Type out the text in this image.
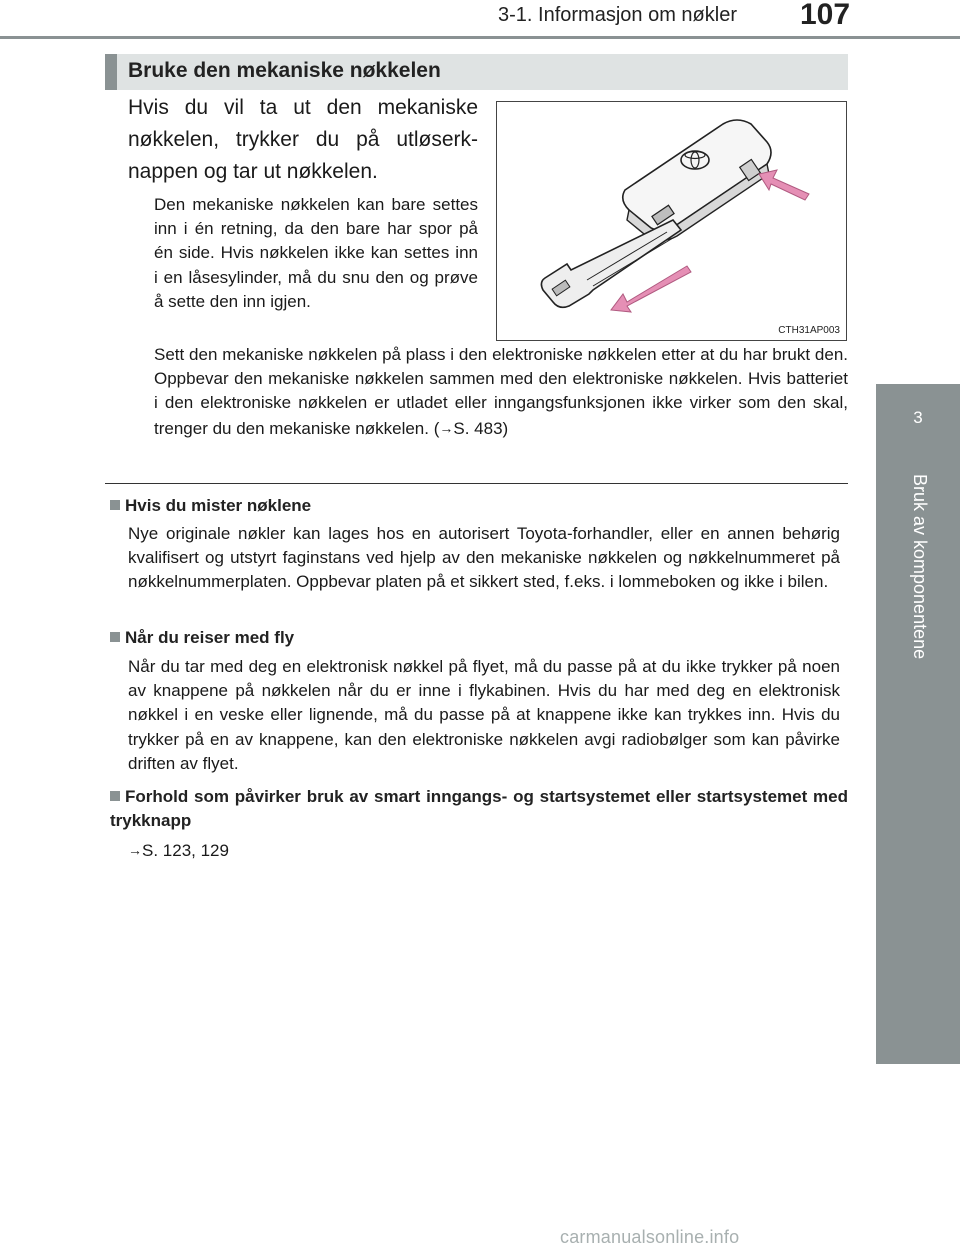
3-1. Informasjon om nøkler 107
3
Bruk av komponentene
Bruke den mekaniske nøkkelen
Hvis du vil ta ut den mekaniske nøkkelen, trykker du på utløserknappen og tar ut nøkkelen.
Den mekaniske nøkkelen kan bare settes inn i én retning, da den bare har spor på én side. Hvis nøkkelen ikke kan settes inn i en låsesylinder, må du snu den og prøve å sette den inn igjen.
CTH31AP003
Sett den mekaniske nøkkelen på plass i den elektroniske nøkkelen etter at du har brukt den. Oppbevar den mekaniske nøkkelen sammen med den elektroniske nøkkelen. Hvis batteriet i den elektroniske nøkkelen er utladet eller inngangsfunksjonen ikke virker som den skal, trenger du den mekaniske nøkkelen. (→S. 483)
Hvis du mister nøklene
Nye originale nøkler kan lages hos en autorisert Toyota-forhandler, eller en annen behørig kvalifisert og utstyrt faginstans ved hjelp av den mekaniske nøkkelen og nøkkelnummeret på nøkkelnummerplaten. Oppbevar platen på et sikkert sted, f.eks. i lommeboken og ikke i bilen.
Når du reiser med fly
Når du tar med deg en elektronisk nøkkel på flyet, må du passe på at du ikke trykker på noen av knappene på nøkkelen når du er inne i flykabinen. Hvis du har med deg en elektronisk nøkkel i en veske eller lignende, må du passe på at knappene ikke kan trykkes inn. Hvis du trykker på en av knappene, kan den elektroniske nøkkelen avgi radiobølger som kan påvirke driften av flyet.
Forhold som påvirker bruk av smart inngangs- og startsystemet eller startsystemet med trykknapp
→S. 123, 129
carmanualsonline.info
